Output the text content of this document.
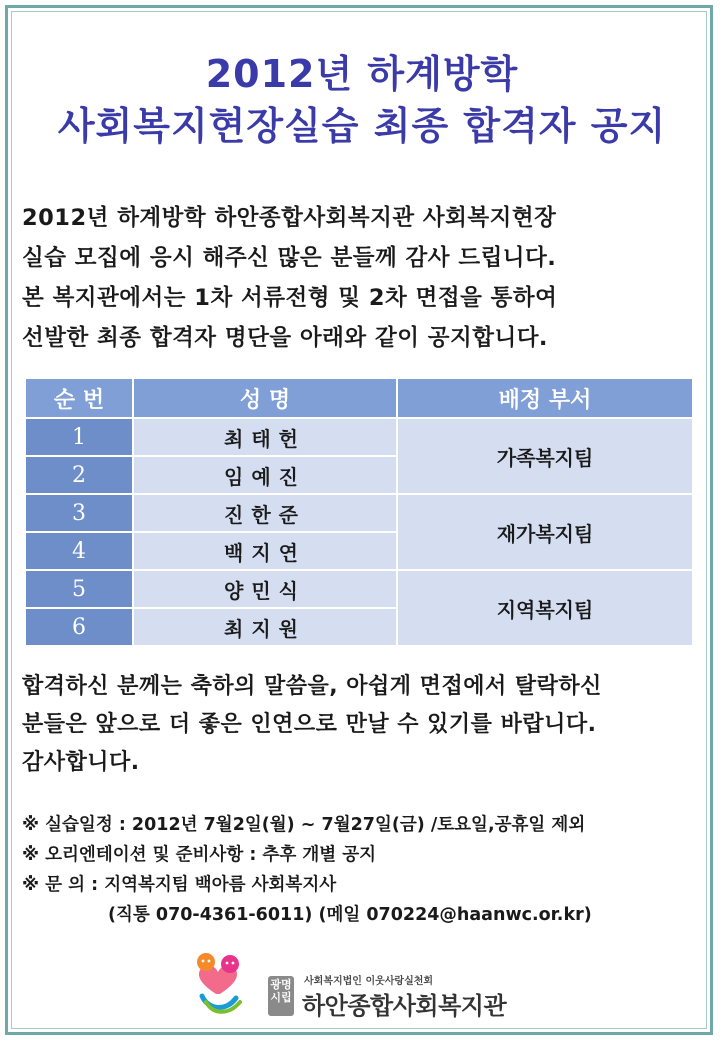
2012년 하계방학
사회복지현장실습 최종 합격자 공지
2012년 하계방학 하안종합사회복지관 사회복지현장
실습 모집에 응시 해주신 많은 분들께 감사 드립니다.
본 복지관에서는 1차 서류전형 및 2차 면접을 통하여
선발한 최종 합격자 명단을 아래와 같이 공지합니다.
순 번	성 명	배정 부서
1	최태헌	가족복지팀
2	임예진	
3	진한준	재가복지팀
4	백지연	
5	양민식	지역복지팀
6	최지원	
합격하신 분께는 축하의 말씀을, 아쉽게 면접에서 탈락하신
분들은 앞으로 더 좋은 인연으로 만날 수 있기를 바랍니다.
감사합니다.
※ 실습일정 : 2012년 7월2일(월) ~ 7월27일(금) /토요일,공휴일 제외
※ 오리엔테이션 및 준비사항 : 추후 개별 공지
※ 문 의 : 지역복지팀 백아름 사회복지사
(직통 070-4361-6011) (메일 070224@haanwc.or.kr)
광명시립
사회복지법인 이웃사랑실천회
하안종합사회복지관
